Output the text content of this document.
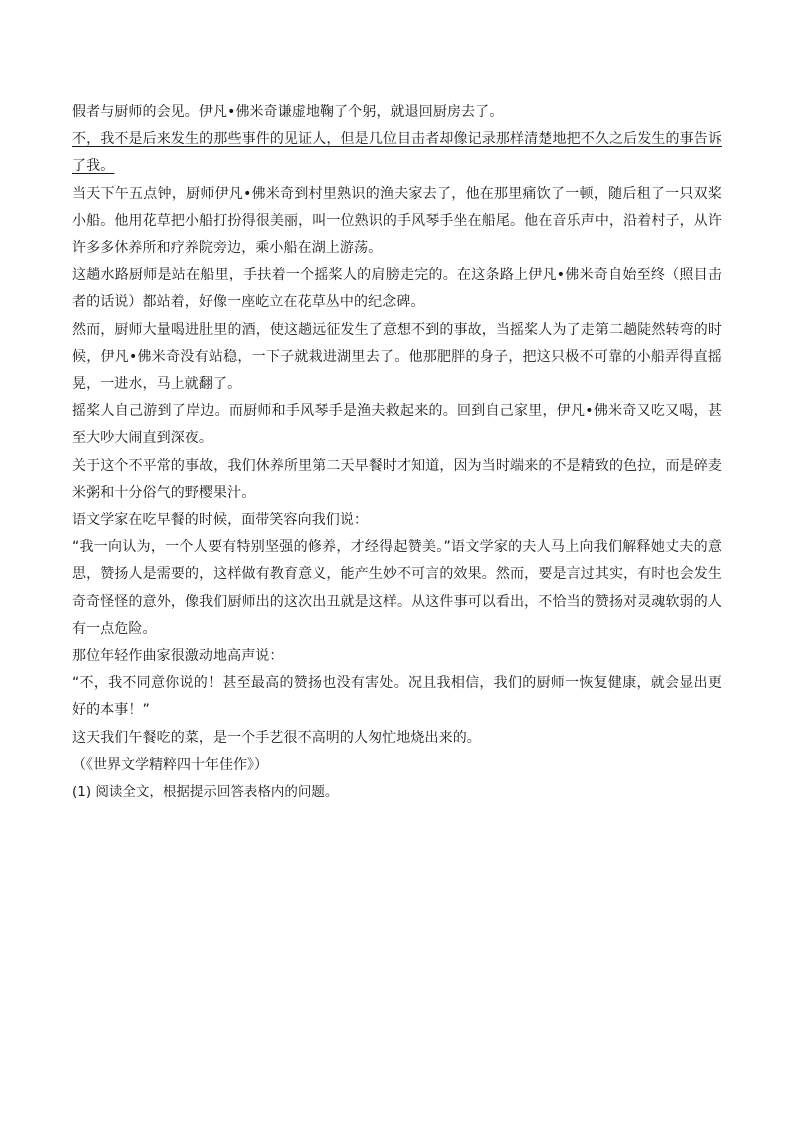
假者与厨师的会见。伊凡•佛米奇谦虚地鞠了个躬，就退回厨房去了。

不，我不是后来发生的那些事件的见证人，但是几位目击者却像记录那样清楚地把不久之后发生的事告诉了我。

当天下午五点钟，厨师伊凡•佛米奇到村里熟识的渔夫家去了，他在那里痛饮了一顿，随后租了一只双桨小船。他用花草把小船打扮得很美丽，叫一位熟识的手风琴手坐在船尾。他在音乐声中，沿着村子，从许许多多休养所和疗养院旁边，乘小船在湖上游荡。

这趟水路厨师是站在船里，手扶着一个摇桨人的肩膀走完的。在这条路上伊凡•佛米奇自始至终（照目击者的话说）都站着，好像一座屹立在花草丛中的纪念碑。

然而，厨师大量喝进肚里的酒，使这趟远征发生了意想不到的事故，当摇桨人为了走第二趟陡然转弯的时候，伊凡•佛米奇没有站稳，一下子就栽进湖里去了。他那肥胖的身子，把这只极不可靠的小船弄得直摇晃，一进水，马上就翻了。

摇桨人自己游到了岸边。而厨师和手风琴手是渔夫救起来的。回到自己家里，伊凡•佛米奇又吃又喝，甚至大吵大闹直到深夜。

关于这个不平常的事故，我们休养所里第二天早餐时才知道，因为当时端来的不是精致的色拉，而是碎麦米粥和十分俗气的野樱果汁。

语文学家在吃早餐的时候，面带笑容向我们说：

“我一向认为，一个人要有特别坚强的修养，才经得起赞美。”语文学家的夫人马上向我们解释她丈夫的意思，赞扬人是需要的，这样做有教育意义，能产生妙不可言的效果。然而，要是言过其实，有时也会发生奇奇怪怪的意外，像我们厨师出的这次出丑就是这样。从这件事可以看出，不恰当的赞扬对灵魂软弱的人有一点危险。

那位年轻作曲家很激动地高声说：

“不，我不同意你说的！甚至最高的赞扬也没有害处。况且我相信，我们的厨师一恢复健康，就会显出更好的本事！”

这天我们午餐吃的菜，是一个手艺很不高明的人匆忙地烧出来的。

（《世界文学精粹四十年佳作》）

(1) 阅读全文，根据提示回答表格内的问题。
